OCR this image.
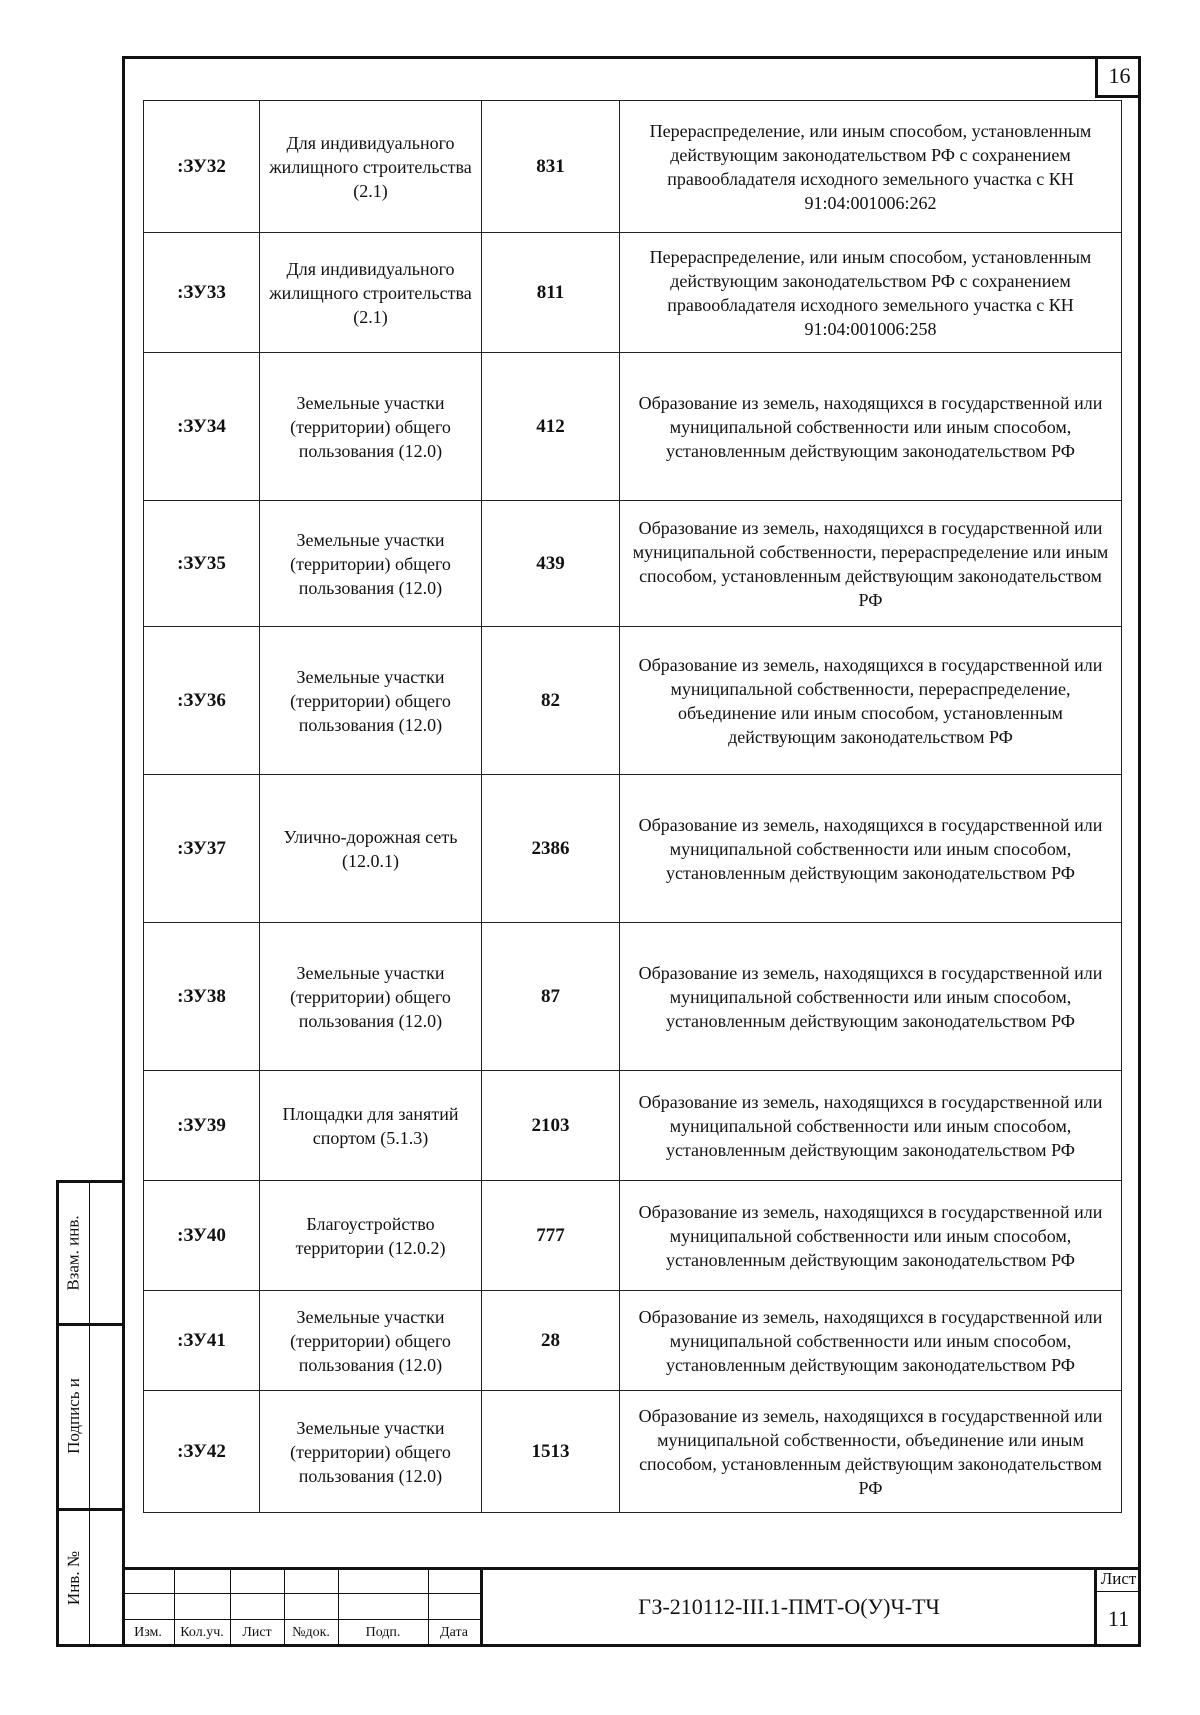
16
:ЗУ32	Для индивидуального жилищного строительства (2.1)	831	Перераспределение, или иным способом, установленным действующим законодательством РФ с сохранением правообладателя исходного земельного участка с КН 91:04:001006:262
:ЗУ33	Для индивидуального жилищного строительства (2.1)	811	Перераспределение, или иным способом, установленным действующим законодательством РФ с сохранением правообладателя исходного земельного участка с КН 91:04:001006:258
:ЗУ34	Земельные участки (территории) общего пользования (12.0)	412	Образование из земель, находящихся в государственной или муниципальной собственности или иным способом, установленным действующим законодательством РФ
:ЗУ35	Земельные участки (территории) общего пользования (12.0)	439	Образование из земель, находящихся в государственной или муниципальной собственности, перераспределение или иным способом, установленным действующим законодательством РФ
:ЗУ36	Земельные участки (территории) общего пользования (12.0)	82	Образование из земель, находящихся в государственной или муниципальной собственности, перераспределение, объединение или иным способом, установленным действующим законодательством РФ
:ЗУ37	Улично-дорожная сеть (12.0.1)	2386	Образование из земель, находящихся в государственной или муниципальной собственности или иным способом, установленным действующим законодательством РФ
:ЗУ38	Земельные участки (территории) общего пользования (12.0)	87	Образование из земель, находящихся в государственной или муниципальной собственности или иным способом, установленным действующим законодательством РФ
:ЗУ39	Площадки для занятий спортом (5.1.3)	2103	Образование из земель, находящихся в государственной или муниципальной собственности или иным способом, установленным действующим законодательством РФ
:ЗУ40	Благоустройство территории (12.0.2)	777	Образование из земель, находящихся в государственной или муниципальной собственности или иным способом, установленным действующим законодательством РФ
:ЗУ41	Земельные участки (территории) общего пользования (12.0)	28	Образование из земель, находящихся в государственной или муниципальной собственности или иным способом, установленным действующим законодательством РФ
:ЗУ42	Земельные участки (территории) общего пользования (12.0)	1513	Образование из земель, находящихся в государственной или муниципальной собственности, объединение или иным способом, установленным действующим законодательством РФ
Взам. инв.
Подпись и
Инв. №
Изм.	Кол.уч.	Лист	№док.	Подп.	Дата
ГЗ-210112-III.1-ПМТ-О(У)Ч-ТЧ
Лист
11
